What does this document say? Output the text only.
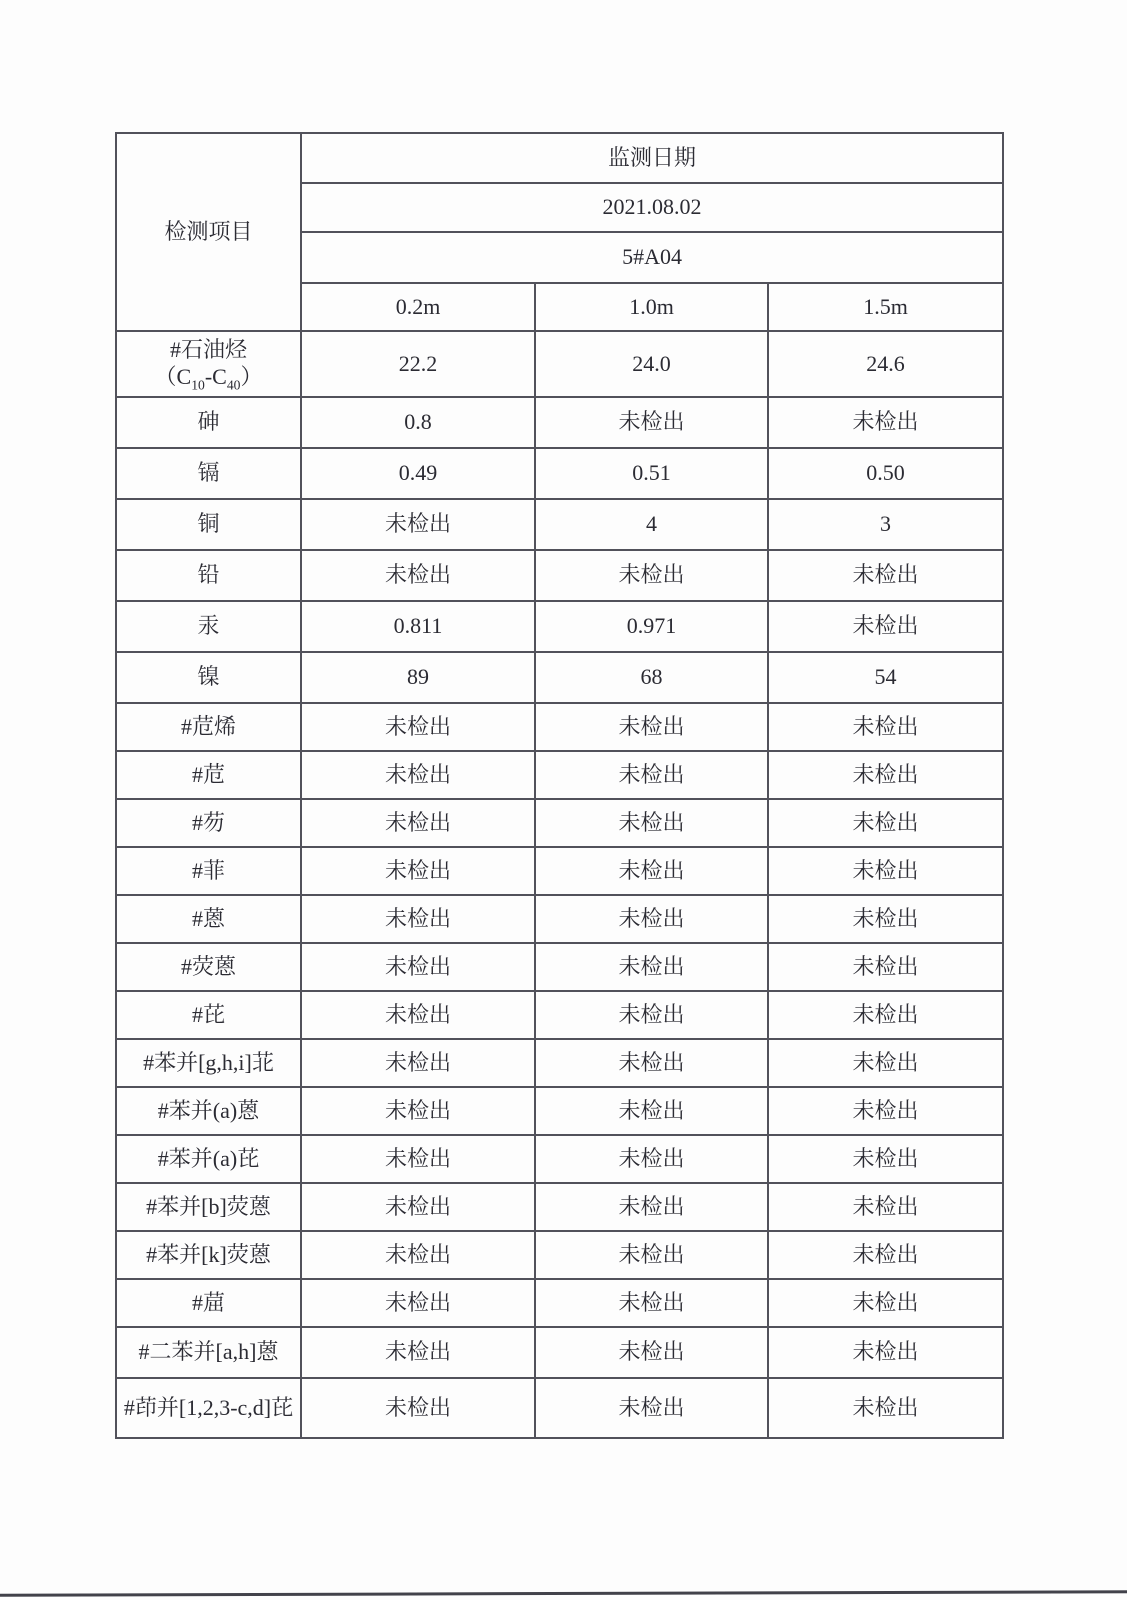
检测项目	监测日期		
	2021.08.02		
	5#A04		
	0.2m	1.0m	1.5m

#石油烃
$(C_{10}-C_{40})$	22.2	24.0	24.6
砷	0.8	未检出	未检出
镉	0.49	0.51	0.50
铜	未检出	4	3
铅	未检出	未检出	未检出
汞	0.811	0.971	未检出
镍	89	68	54
#苊烯	未检出	未检出	未检出
#苊	未检出	未检出	未检出
#芴	未检出	未检出	未检出
#菲	未检出	未检出	未检出
#蒽	未检出	未检出	未检出
#荧蒽	未检出	未检出	未检出
#芘	未检出	未检出	未检出
#苯并[g,h,i]苝	未检出	未检出	未检出
#苯并(a)蒽	未检出	未检出	未检出
#苯并(a)芘	未检出	未检出	未检出
#苯并[b]荧蒽	未检出	未检出	未检出
#苯并[k]荧蒽	未检出	未检出	未检出
#䓛	未检出	未检出	未检出
#二苯并[a,h]蒽	未检出	未检出	未检出
#茚并[1,2,3-c,d]芘	未检出	未检出	未检出
